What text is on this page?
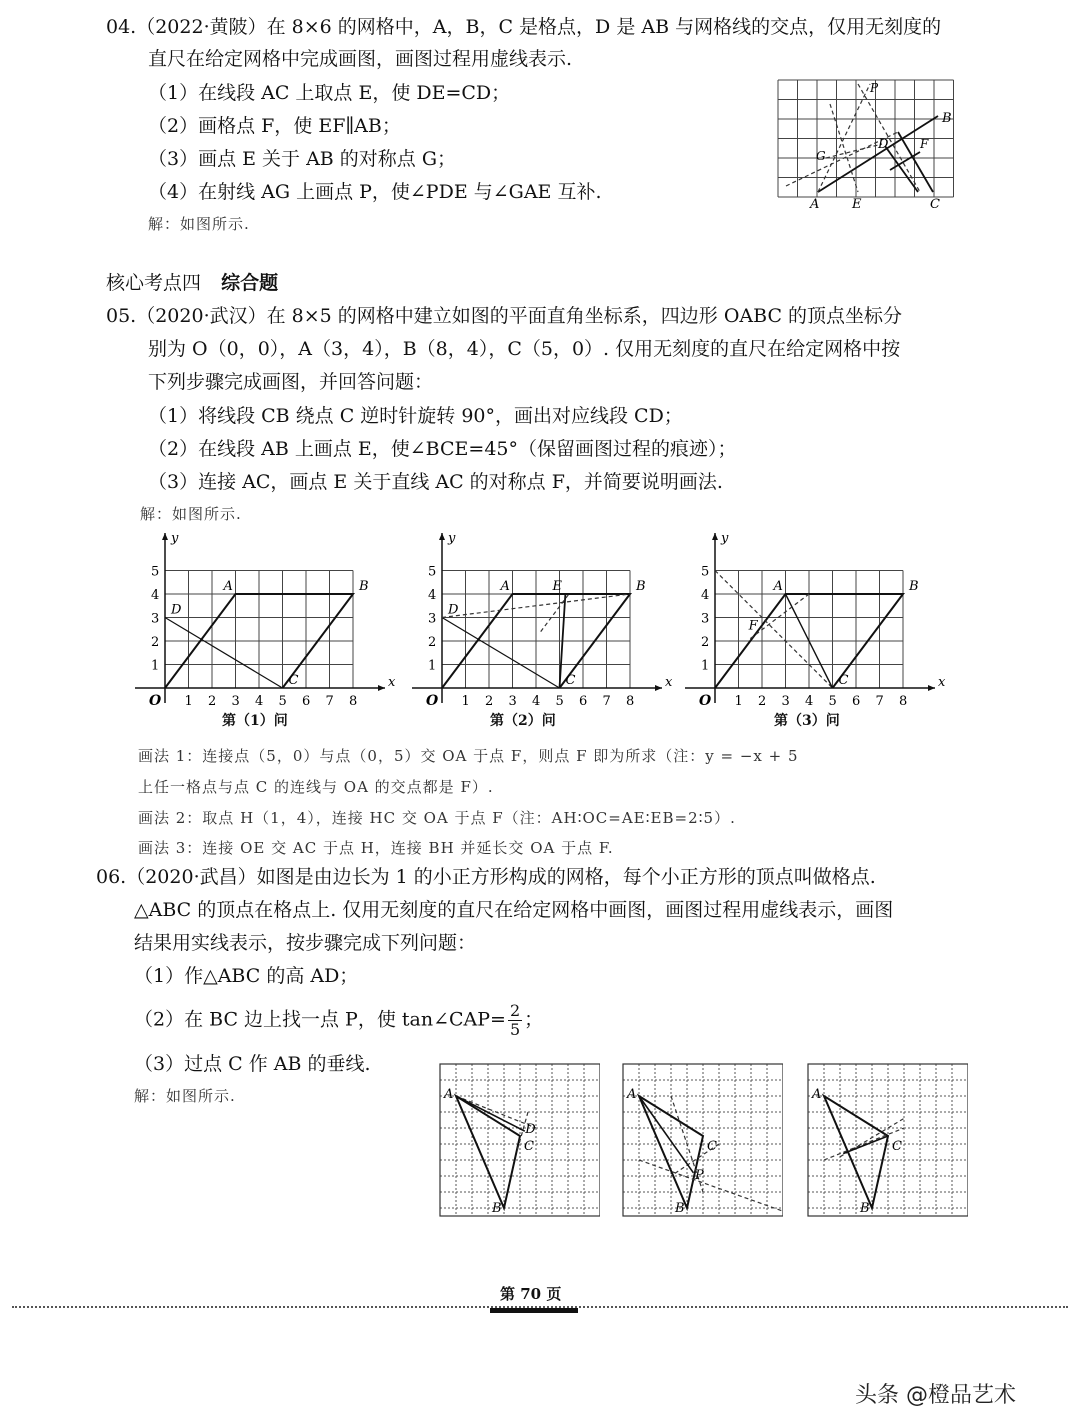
04.（2022·黄陂）在 8×6 的网格中，A，B，C 是格点，D 是 AB 与网格线的交点，仅用无刻度的
直尺在给定网格中完成画图，画图过程用虚线表示.
（1）在线段 AC 上取点 E，使 DE=CD；
（2）画格点 F，使 EF∥AB；
（3）画点 E 关于 AB 的对称点 G；
（4）在射线 AG 上画点 P，使∠PDE 与∠GAE 互补.
解：如图所示.
A
B
C
D
E
F
G
P
核心考点四 综合题
05.（2020·武汉）在 8×5 的网格中建立如图的平面直角坐标系，四边形 OABC 的顶点坐标分
别为 O（0，0），A（3，4），B（8，4），C（5，0）. 仅用无刻度的直尺在给定网格中按
下列步骤完成画图，并回答问题：
（1）将线段 CB 绕点 C 逆时针旋转 90°，画出对应线段 CD；
（2）在线段 AB 上画点 E，使∠BCE=45°（保留画图过程的痕迹）；
（3）连接 AC，画点 E 关于直线 AC 的对称点 F，并简要说明画法.
解：如图所示.
x
y
O 1 2 3 4 5 6 7 8
1
2
3
4
5
A	B
C
D
x
y
O 1 2 3 4 5 6 7 8
1
2
3
4
5
A	B
C
D
E
x
y
O 1 2 3 4 5 6 7 8
1
2
3
4
5
A	B
C
F
第（1）问	第（2）问	第（3）问
画法 1：连接点（5，0）与点（0，5）交 OA 于点 F，则点 F 即为所求（注：y = −x + 5
上任一格点与点 C 的连线与 OA 的交点都是 F）.
画法 2：取点 H（1，4），连接 HC 交 OA 于点 F（注：AH∶OC=AE∶EB=2∶5）.
画法 3：连接 OE 交 AC 于点 H，连接 BH 并延长交 OA 于点 F.
06.（2020·武昌）如图是由边长为 1 的小正方形构成的网格，每个小正方形的顶点叫做格点.
△ABC 的顶点在格点上. 仅用无刻度的直尺在给定网格中画图，画图过程用虚线表示，画图
结果用实线表示，按步骤完成下列问题：
（1）作△ABC 的高 AD；
（2）在 BC 边上找一点 P，使 tan∠CAP= $\frac{2}{5}$ ；
（3）过点 C 作 AB 的垂线.
解：如图所示.	A
B
C
D
A
B
C
P
A
B
C
第 70 页
头条 @橙品艺术
